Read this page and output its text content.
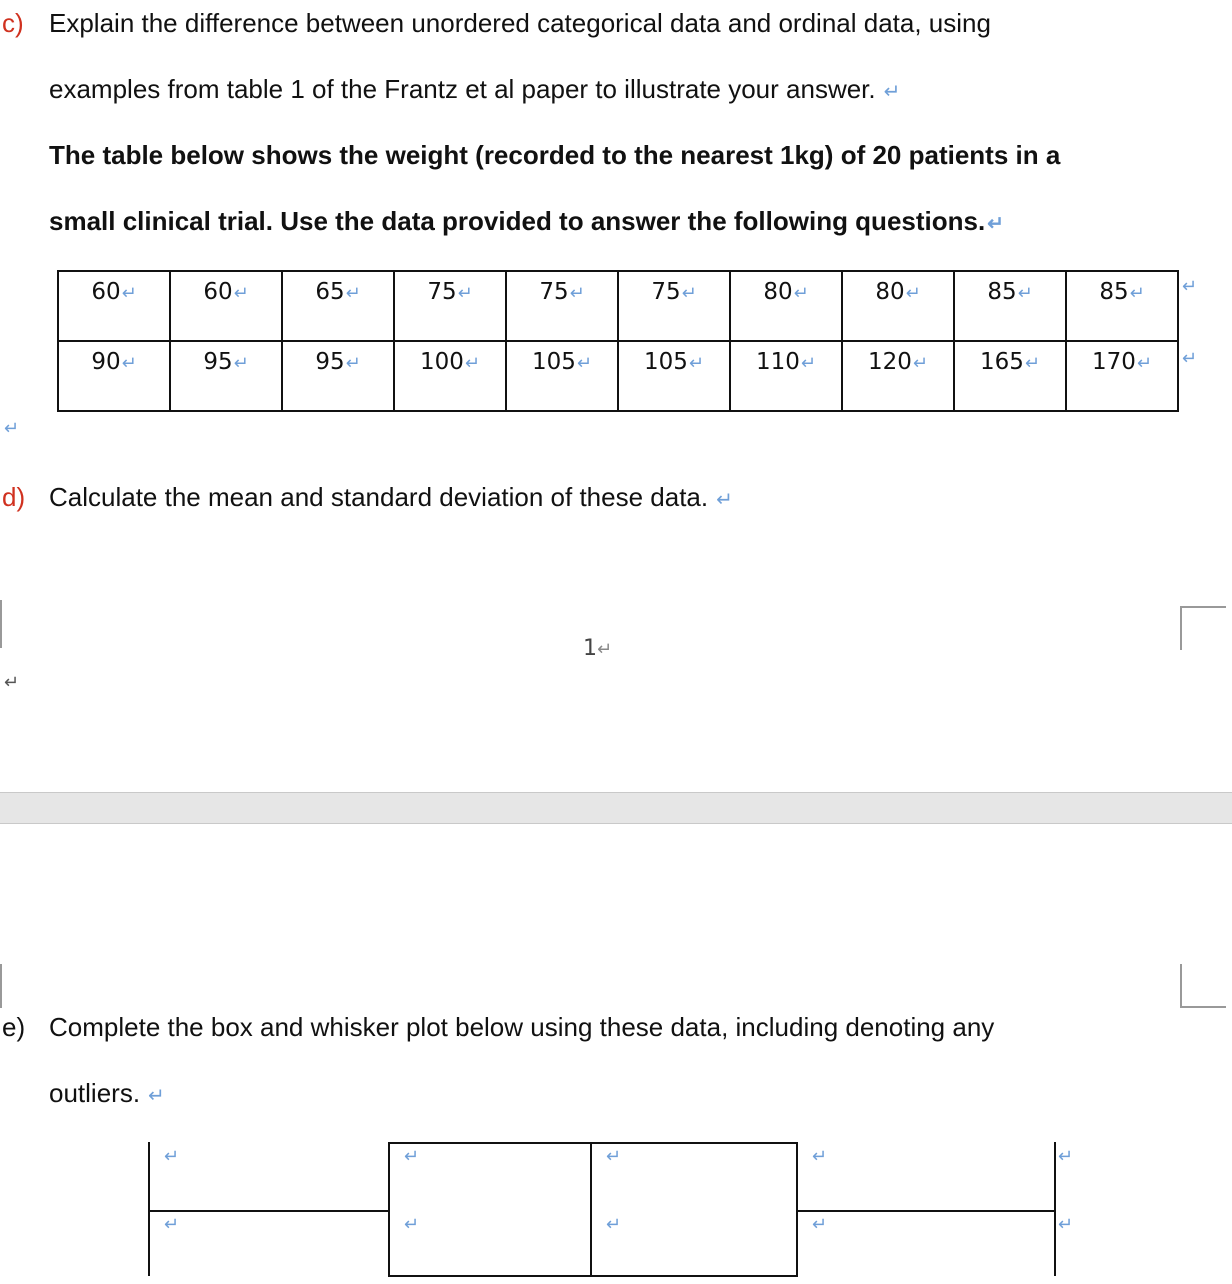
c) Explain the difference between unordered categorical data and ordinal data, using
examples from table 1 of the Frantz et al paper to illustrate your answer. ↵
The table below shows the weight (recorded to the nearest 1kg) of 20 patients in a
small clinical trial. Use the data provided to answer the following questions. ↵
60↵	60↵	65↵	75↵	75↵	75↵	80↵	80↵	85↵	85↵
90↵	95↵	95↵	100↵	105↵	105↵	110↵	120↵	165↵	170↵
↵
↵
↵
d) Calculate the mean and standard deviation of these data. ↵
1↵
↵
e) Complete the box and whisker plot below using these data, including denoting any
outliers. ↵
↵	↵	↵	↵	↵
↵	↵	↵	↵	↵
